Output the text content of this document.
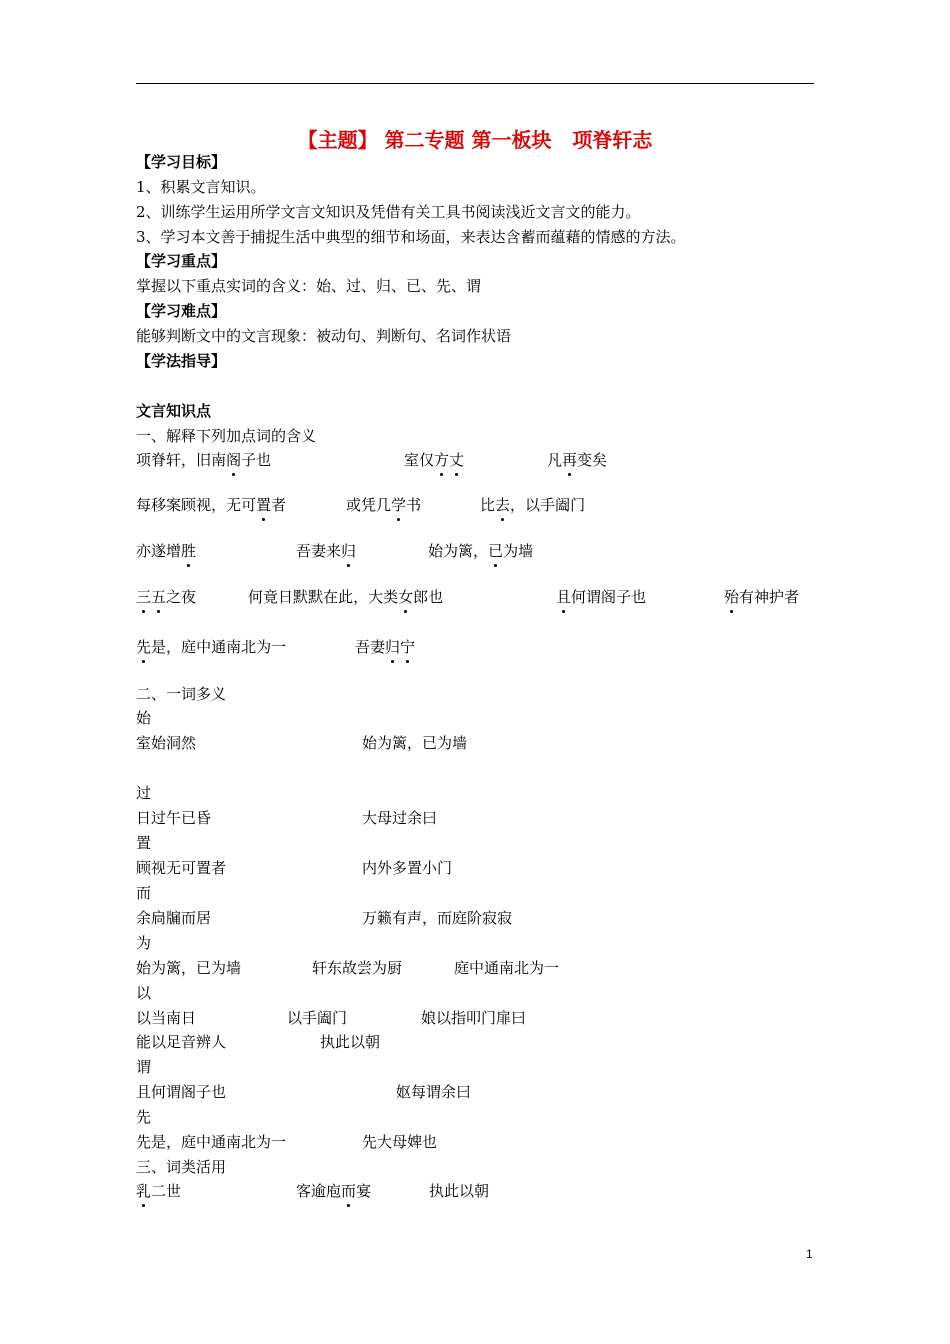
【主题】 第二专题 第一板块   项脊轩志
【学习目标】
1、积累文言知识。
2、训练学生运用所学文言文知识及凭借有关工具书阅读浅近文言文的能力。
3、学习本文善于捕捉生活中典型的细节和场面，来表达含蓄而蕴藉的情感的方法。
【学习重点】
掌握以下重点实词的含义：始、过、归、已、先、谓
【学习难点】
能够判断文中的文言现象：被动句、判断句、名词作状语
【学法指导】
文言知识点
一、解释下列加点词的含义
项脊轩，旧南阁子也	室仅方丈	凡再变矣
每移案顾视，无可置者	或凭几学书	比去，以手阖门
亦遂增胜	吾妻来归	始为篱，已为墙
三五之夜	何竟日默默在此，大类女郎也	且何谓阁子也	殆有神护者
先是，庭中通南北为一	吾妻归宁
二、一词多义
始
室始洞然	始为篱，已为墙
过
日过午已昏	大母过余曰
置
顾视无可置者	内外多置小门
而
余扃牖而居	万籁有声，而庭阶寂寂
为
始为篱，已为墙	轩东故尝为厨	庭中通南北为一
以
以当南日	以手阖门	娘以指叩门扉曰
能以足音辨人	执此以朝
谓
且何谓阁子也	妪每谓余曰
先
先是，庭中通南北为一	先大母婢也
三、词类活用
乳二世	客逾庖而宴	执此以朝
1
